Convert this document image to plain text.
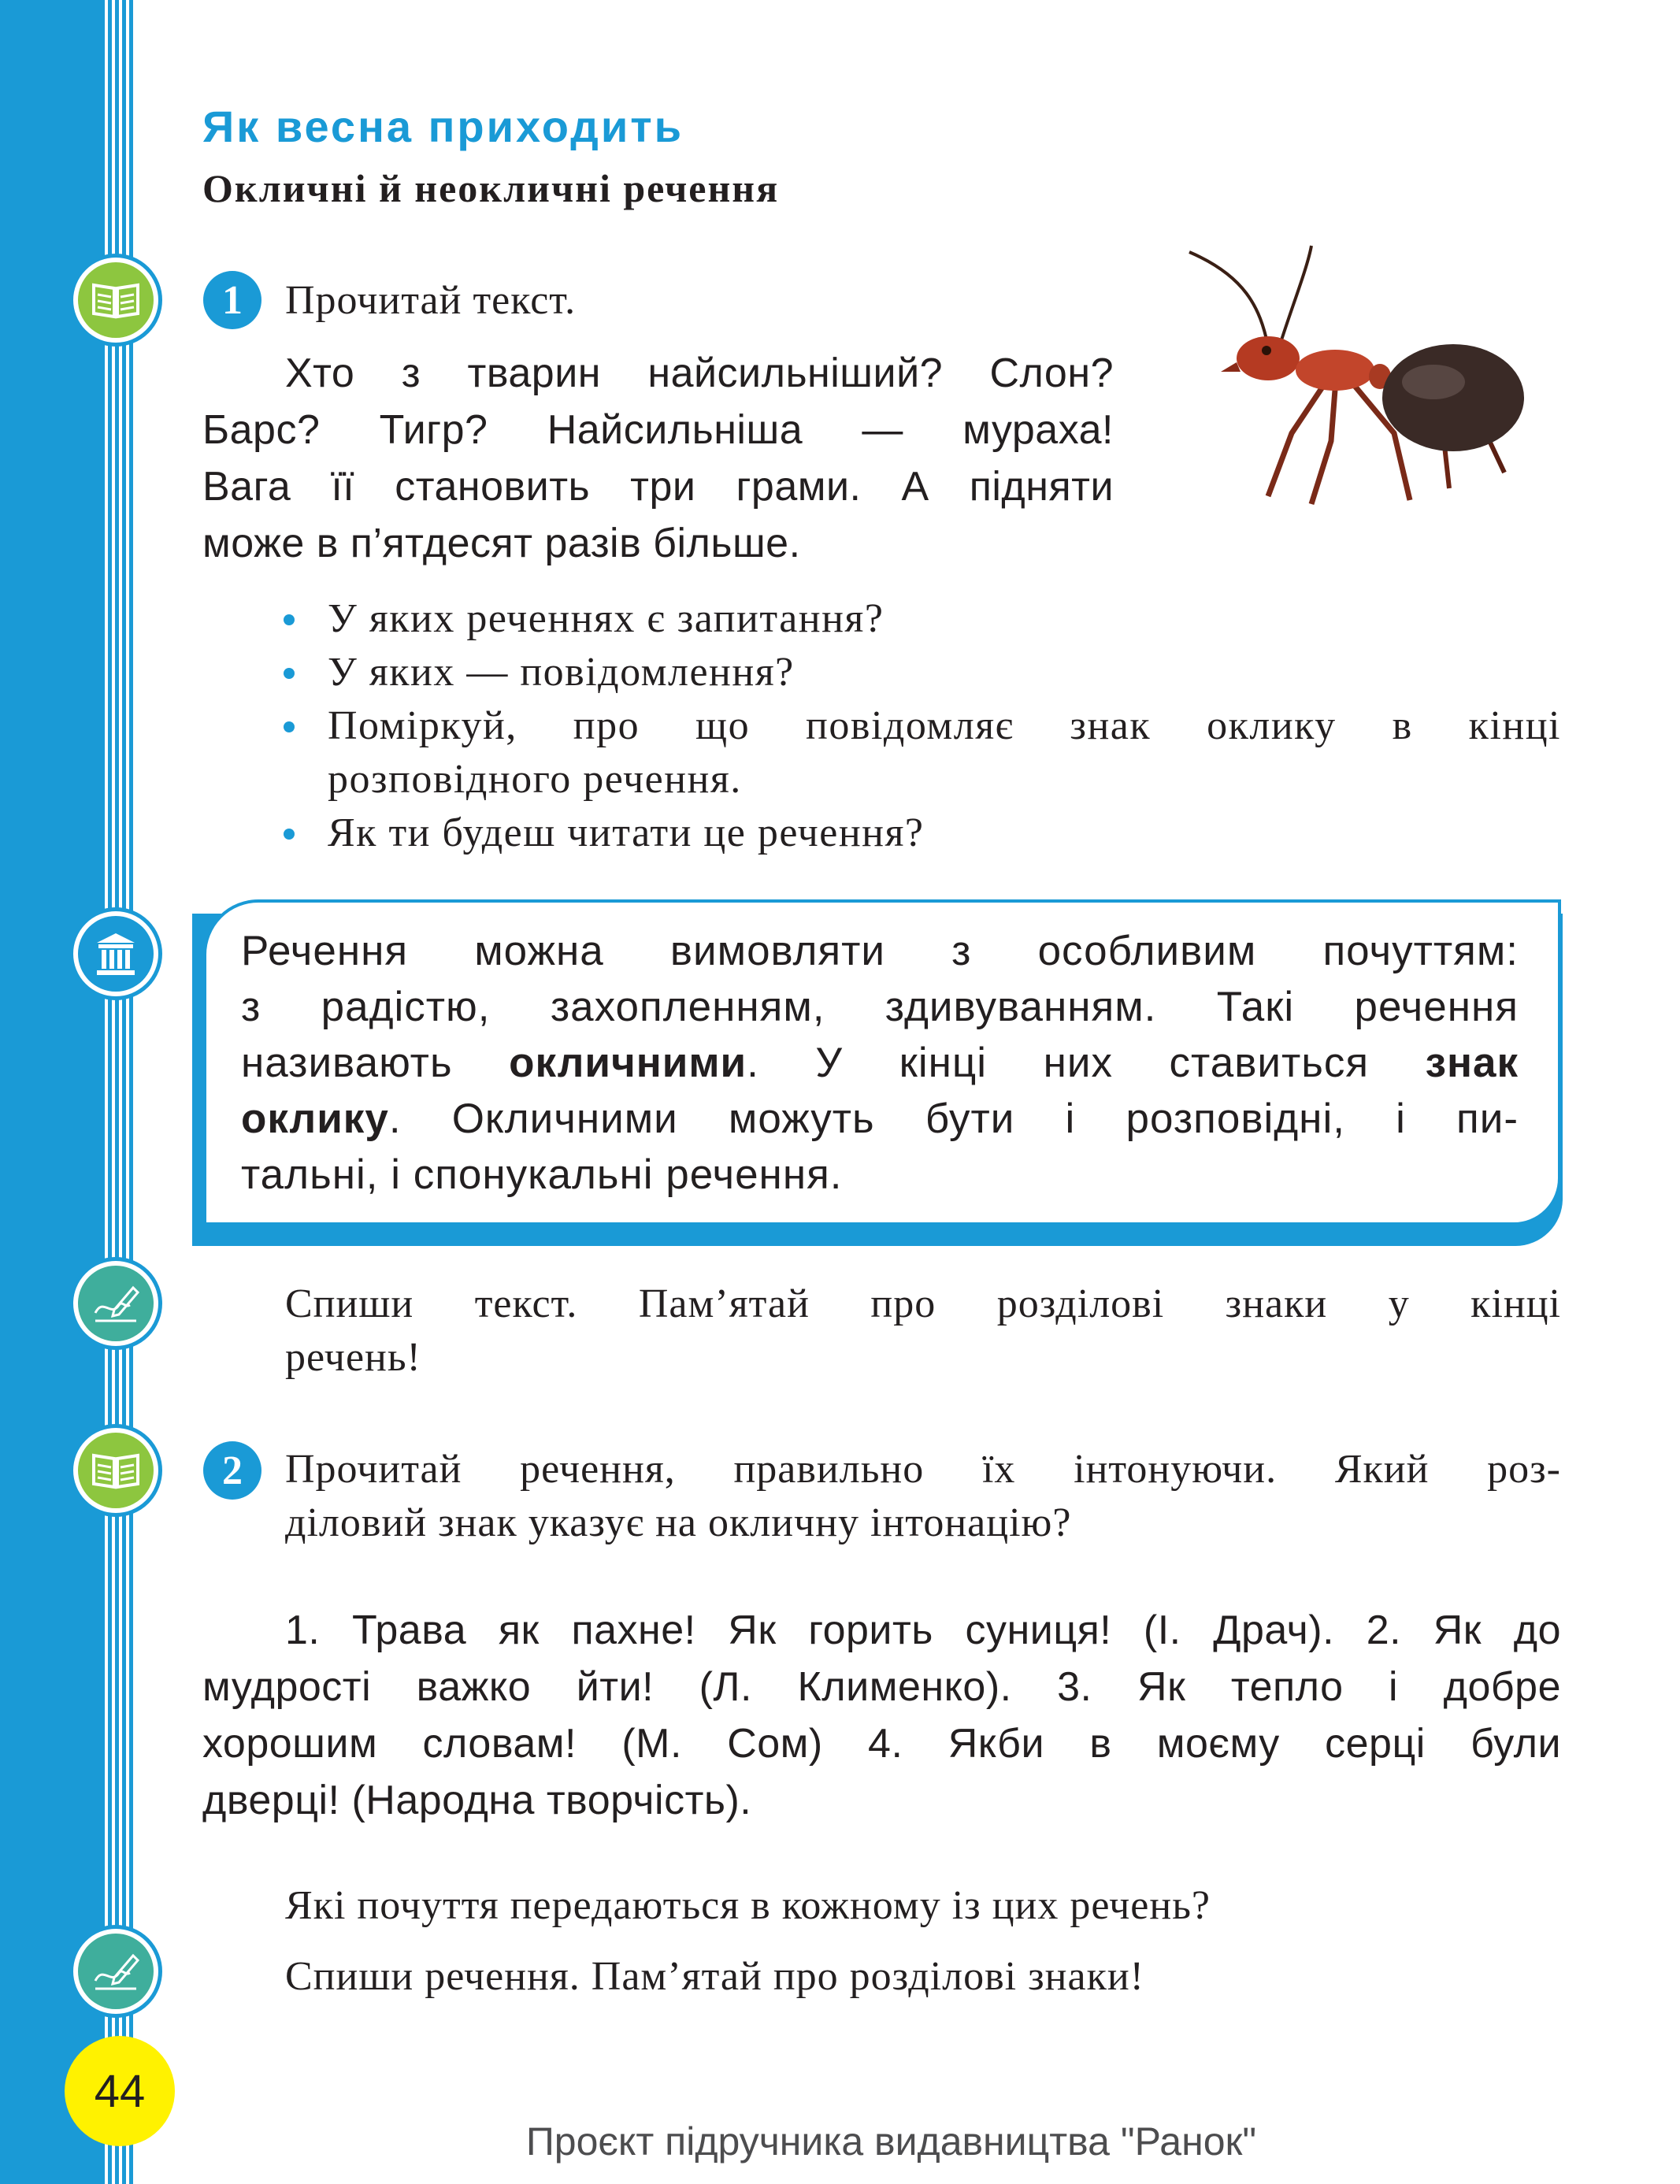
44
Як весна приходить
Окличні й неокличні речення
1	Прочитай текст.
Хто з тварин найсильніший? Слон?
Барс? Тигр? Найсильніша — мураха!
Вага її становить три грами. А підняти
може в п’ятдесят разів більше.
У яких реченнях є запитання?
У яких — повідомлення?
Поміркуй, про що повідомляє знак оклику в кінці
розповідного речення.
Як ти будеш читати це речення?
Речення можна вимовляти з особливим почуттям:
з радістю, захопленням, здивуванням. Такі речення
називають окличними. У кінці них ставиться знак
оклику. Окличними можуть бути і розповідні, і пи-
тальні, і спонукальні речення.
Спиши текст. Пам’ятай про розділові знаки у кінці
речень!
2	Прочитай речення, правильно їх інтонуючи. Який роз-
діловий знак указує на окличну інтонацію?
1. Трава як пахне! Як горить суниця! (І. Драч). 2. Як до
мудрості важко йти! (Л. Клименко). 3. Як тепло і добре
хорошим словам! (М. Сом) 4. Якби в моєму серці були
дверці! (Народна творчість).
Які почуття передаються в кожному із цих речень?
Спиши речення. Пам’ятай про розділові знаки!
Проєкт підручника видавництва "Ранок"
